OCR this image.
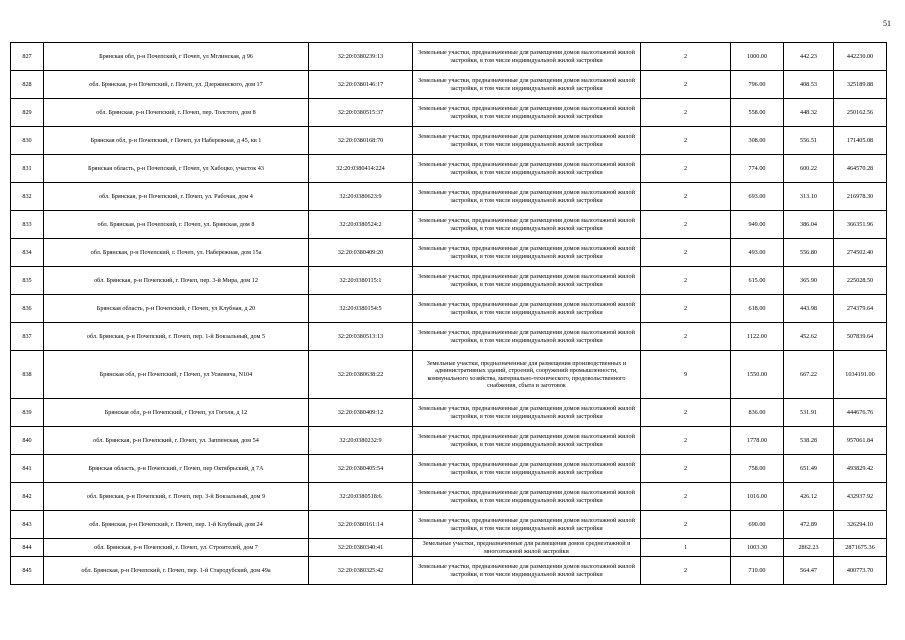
51
827	Брянская обл, р-н Почепский, г Почеп, ул Мглинская, д 96	32:20:0380239:13	Земельные участки, предназначенные для размещения домов малоэтажной жилой застройки, в том числе индивидуальной жилой застройки	2	1000.00	442.23	442230.00
828	обл. Брянская, р-н Почепский, г. Почеп, ул. Дзержинского, дом 17	32:20:0380146:17	Земельные участки, предназначенные для размещения домов малоэтажной жилой застройки, в том числе индивидуальной жилой застройки	2	796.00	408.53	325189.88
829	обл. Брянская, р-н Почепский, г. Почеп, пер. Толстого, дом 8	32:20:0380515:37	Земельные участки, предназначенные для размещения домов малоэтажной жилой застройки, в том числе индивидуальной жилой застройки	2	558.00	448.32	250162.56
830	Брянская обл, р-н Почепский, г Почеп, ул Набережная, д 45, кв 1	32:20:0380168:70	Земельные участки, предназначенные для размещения домов малоэтажной жилой застройки, в том числе индивидуальной жилой застройки	2	308.00	556.51	171405.08
831	Брянская область, р-н Почепский, г Почеп, ул Хабоцко, участок 43	32:20:0380414:224	Земельные участки, предназначенные для размещения домов малоэтажной жилой застройки, в том числе индивидуальной жилой застройки	2	774.00	600.22	464570.28
832	обл. Брянская, р-н Почепский, г. Почеп, ул. Рабочая, дом 4	32:20:0380623:9	Земельные участки, предназначенные для размещения домов малоэтажной жилой застройки, в том числе индивидуальной жилой застройки	2	693.00	313.10	216978.30
833	обл. Брянская, р-н Почепский, г. Почеп, ул. Брянская, дом 8	32:20:0380524:2	Земельные участки, предназначенные для размещения домов малоэтажной жилой застройки, в том числе индивидуальной жилой застройки	2	949.00	386.04	366351.96
834	обл. Брянская, р-н Почепский, г. Почеп, ул. Набережная, дом 15а	32:20:0380409:20	Земельные участки, предназначенные для размещения домов малоэтажной жилой застройки, в том числе индивидуальной жилой застройки	2	493.00	556.80	274502.40
835	обл. Брянская, р-н Почепский, г. Почеп, пер. 3-й Мира, дом 12	32:20:0380115:1	Земельные участки, предназначенные для размещения домов малоэтажной жилой застройки, в том числе индивидуальной жилой застройки	2	615.00	365.90	225028.50
836	Брянская область, р-н Почепский, г Почеп, ул Клубная, д 20	32:20:0380154:5	Земельные участки, предназначенные для размещения домов малоэтажной жилой застройки, в том числе индивидуальной жилой застройки	2	618.00	443.98	274379.64
837	обл. Брянская, р-н Почепский, г. Почеп, пер. 1-й Вокзальный, дом 5	32:20:0380513:13	Земельные участки, предназначенные для размещения домов малоэтажной жилой застройки, в том числе индивидуальной жилой застройки	2	1122.00	452.62	507839.64
838	Брянская обл, р-н Почепский, г Почеп, ул Усиевича, N104	32:20:0380638:22	Земельные участки, предназначенные для размещения производственных и административных зданий, строений, сооружений промышленности, коммунального хозяйства, материально-технического, продовольственного снабжения, сбыта и заготовок	9	1550.00	667.22	1034191.00
839	Брянская обл, р-н Почепский, г Почеп, ул Гоголя, д 12	32:20:0380409:12	Земельные участки, предназначенные для размещения домов малоэтажной жилой застройки, в том числе индивидуальной жилой застройки	2	836.00	531.91	444676.76
840	обл. Брянская, р-н Почепский, г. Почеп, ул. Заппенская, дом 54	32:20:0380232:9	Земельные участки, предназначенные для размещения домов малоэтажной жилой застройки, в том числе индивидуальной жилой застройки	2	1778.00	538.28	957061.84
841	Брянская область, р-н Почепский, г Почеп, пер Октябрьский, д 7А	32:20:0380405:54	Земельные участки, предназначенные для размещения домов малоэтажной жилой застройки, в том числе индивидуальной жилой застройки	2	758.00	651.49	493829.42
842	обл. Брянская, р-н Почепский, г. Почеп, пер. 3-й Вокзальный, дом 9	32:20:0380518:6	Земельные участки, предназначенные для размещения домов малоэтажной жилой застройки, в том числе индивидуальной жилой застройки	2	1016.00	426.12	432937.92
843	обл. Брянская, р-н Почепский, г. Почеп, пер. 1-й Клубный, дом 24	32:20:0380161:14	Земельные участки, предназначенные для размещения домов малоэтажной жилой застройки, в том числе индивидуальной жилой застройки	2	690.00	472.89	326294.10
844	обл. Брянская, р-н Почепский, г. Почеп, ул. Строителей, дом 7	32:20:0380340:41	Земельные участки, предназначенные для размещения домов среднеэтажной и многоэтажной жилой застройки	1	1003.30	2862.23	2871675.36
845	обл. Брянская, р-н Почепский, г. Почеп, пер. 1-й Стародубский, дом 49а	32:20:0380325:42	Земельные участки, предназначенные для размещения домов малоэтажной жилой застройки, в том числе индивидуальной жилой застройки	2	710.00	564.47	400773.70
